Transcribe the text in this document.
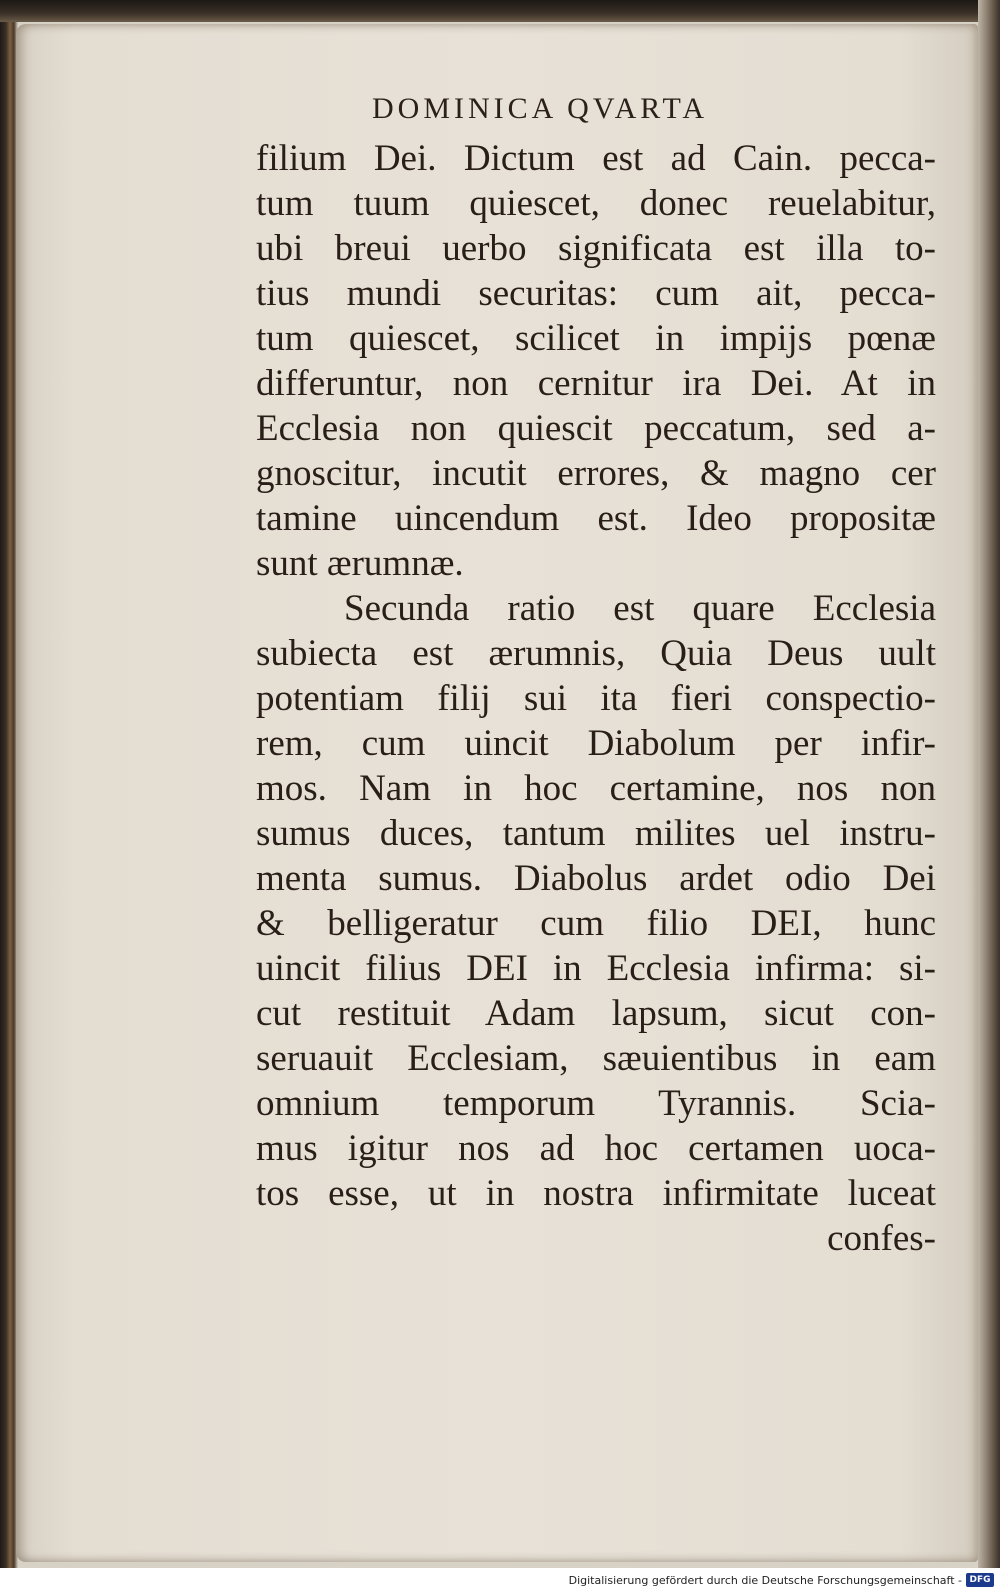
DOMINICA QVARTA
filium Dei. Dictum est ad Cain. pecca-
tum tuum quiescet, donec reuelabitur,
ubi breui uerbo significata est illa to-
tius mundi securitas: cum ait, pecca-
tum quiescet, scilicet in impijs pœnæ
differuntur, non cernitur ira Dei. At in
Ecclesia non quiescit peccatum, sed a-
gnoscitur, incutit errores, & magno cer
tamine uincendum est. Ideo propositæ
sunt ærumnæ.
Secunda ratio est quare Ecclesia
subiecta est ærumnis, Quia Deus uult
potentiam filij sui ita fieri conspectio-
rem, cum uincit Diabolum per infir-
mos. Nam in hoc certamine, nos non
sumus duces, tantum milites uel instru-
menta sumus. Diabolus ardet odio Dei
& belligeratur cum filio DEI, hunc
uincit filius DEI in Ecclesia infirma: si-
cut restituit Adam lapsum, sicut con-
seruauit Ecclesiam, sæuientibus in eam
omnium temporum Tyrannis. Scia-
mus igitur nos ad hoc certamen uoca-
tos esse, ut in nostra infirmitate luceat
confes-
Digitalisierung gefördert durch die Deutsche Forschungsgemeinschaft - DFG
